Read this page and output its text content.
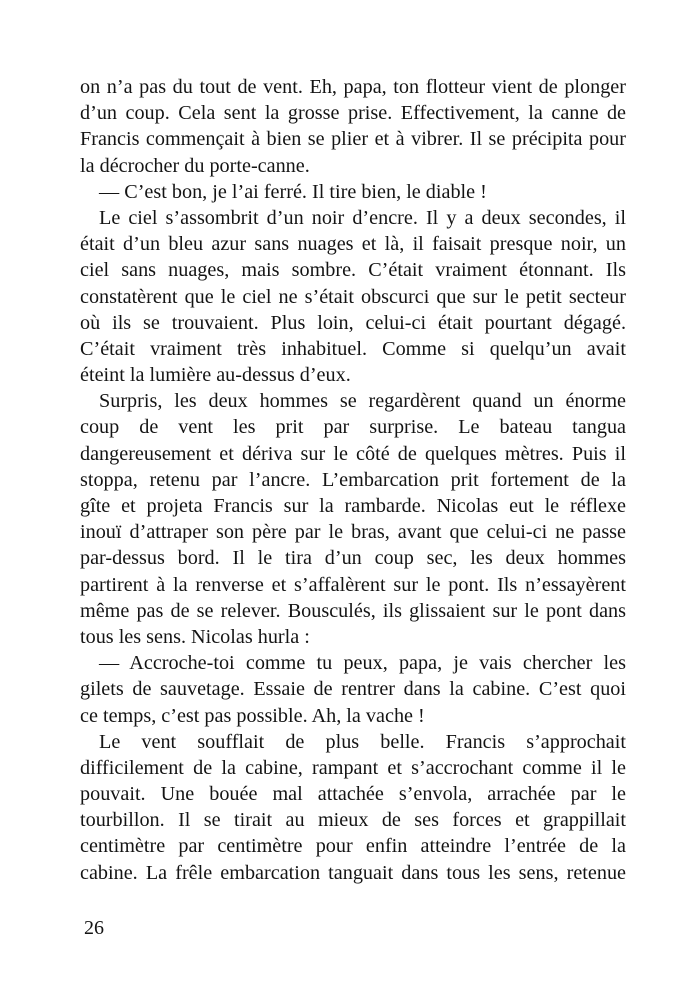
on n’a pas du tout de vent. Eh, papa, ton flotteur vient de plonger
d’un coup. Cela sent la grosse prise. Effectivement, la canne de
Francis commençait à bien se plier et à vibrer. Il se précipita pour
la décrocher du porte-canne.
— C’est bon, je l’ai ferré. Il tire bien, le diable !
Le ciel s’assombrit d’un noir d’encre. Il y a deux secondes, il
était d’un bleu azur sans nuages et là, il faisait presque noir, un
ciel sans nuages, mais sombre. C’était vraiment étonnant. Ils
constatèrent que le ciel ne s’était obscurci que sur le petit secteur
où ils se trouvaient. Plus loin, celui-ci était pourtant dégagé.
C’était vraiment très inhabituel. Comme si quelqu’un avait
éteint la lumière au-dessus d’eux.
Surpris, les deux hommes se regardèrent quand un énorme
coup de vent les prit par surprise. Le bateau tangua
dangereusement et dériva sur le côté de quelques mètres. Puis il
stoppa, retenu par l’ancre. L’embarcation prit fortement de la
gîte et projeta Francis sur la rambarde. Nicolas eut le réflexe
inouï d’attraper son père par le bras, avant que celui-ci ne passe
par-dessus bord. Il le tira d’un coup sec, les deux hommes
partirent à la renverse et s’affalèrent sur le pont. Ils n’essayèrent
même pas de se relever. Bousculés, ils glissaient sur le pont dans
tous les sens. Nicolas hurla :
— Accroche-toi comme tu peux, papa, je vais chercher les
gilets de sauvetage. Essaie de rentrer dans la cabine. C’est quoi
ce temps, c’est pas possible. Ah, la vache !
Le vent soufflait de plus belle. Francis s’approchait
difficilement de la cabine, rampant et s’accrochant comme il le
pouvait. Une bouée mal attachée s’envola, arrachée par le
tourbillon. Il se tirait au mieux de ses forces et grappillait
centimètre par centimètre pour enfin atteindre l’entrée de la
cabine. La frêle embarcation tanguait dans tous les sens, retenue
26
